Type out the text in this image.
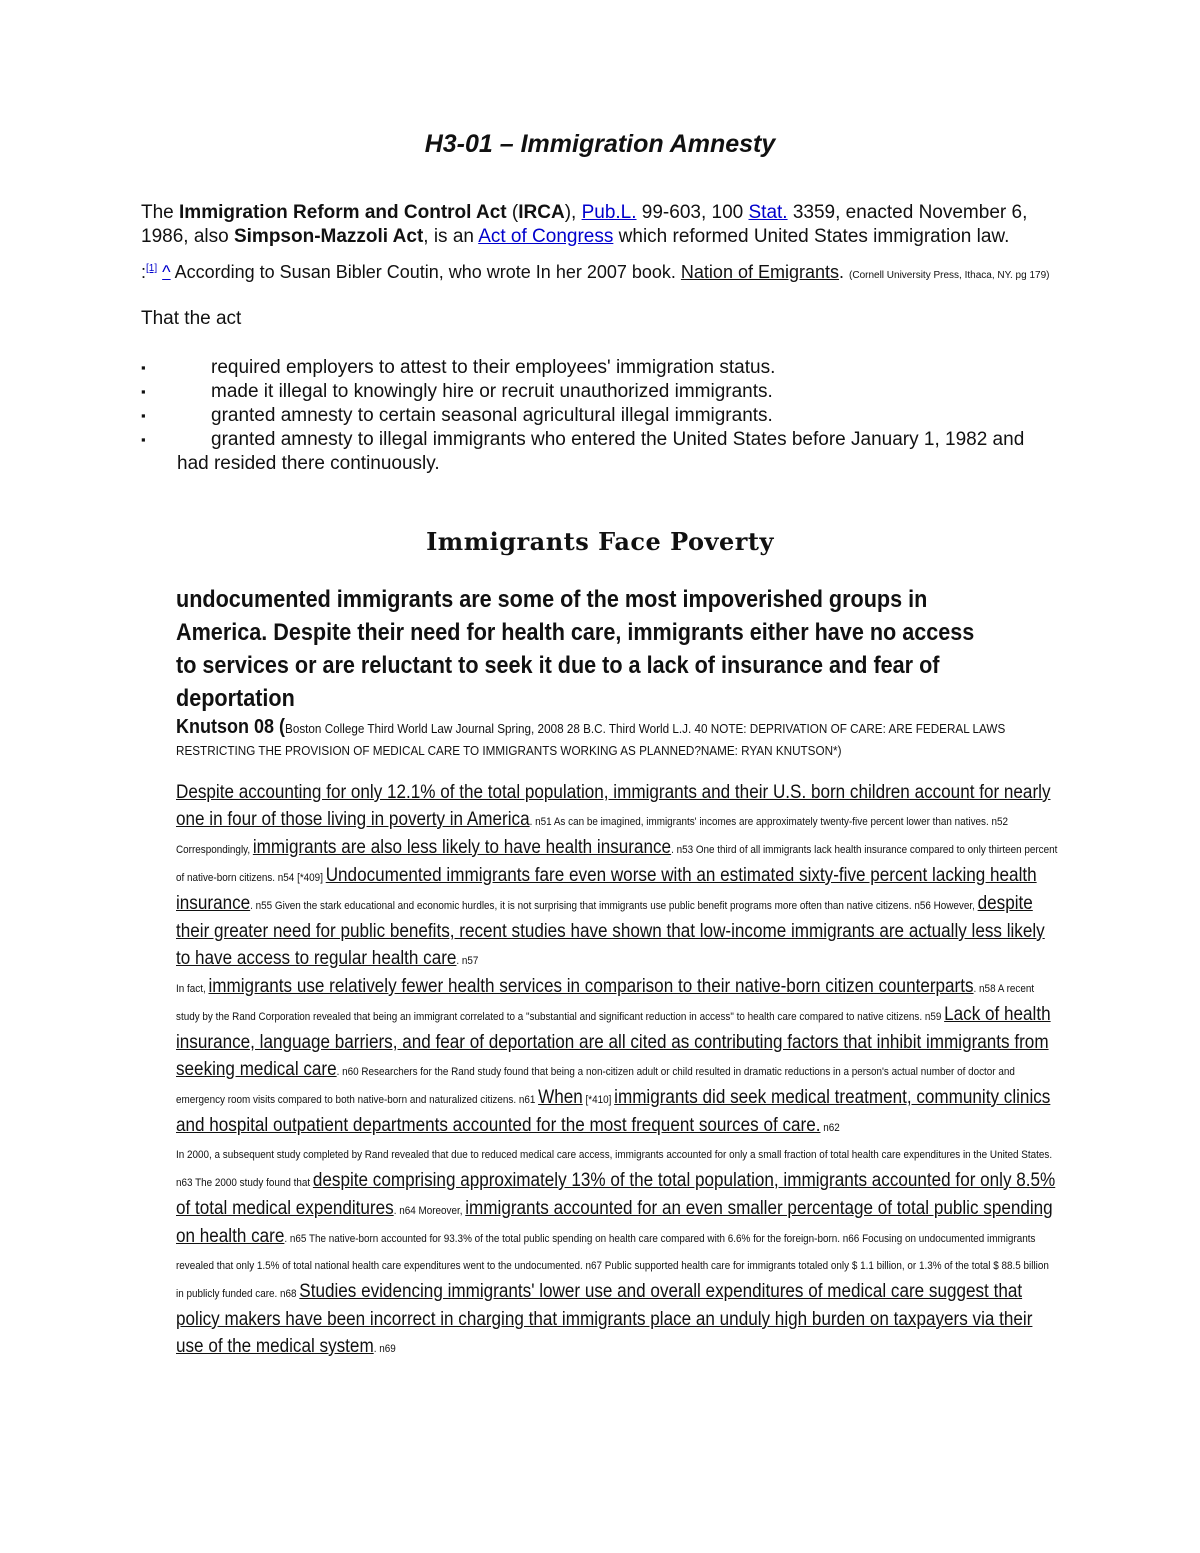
H3-01 – Immigration Amnesty
The Immigration Reform and Control Act (IRCA), Pub.L. 99-603, 100 Stat. 3359, enacted November 6, 1986, also Simpson-Mazzoli Act, is an Act of Congress which reformed United States immigration law.
:[1] ^ According to Susan Bibler Coutin, who wrote In her 2007 book. Nation of Emigrants. (Cornell University Press, Ithaca, NY. pg 179)
That the act
▪	required employers to attest to their employees' immigration status.
▪	made it illegal to knowingly hire or recruit unauthorized immigrants.
▪	granted amnesty to certain seasonal agricultural illegal immigrants.
▪	granted amnesty to illegal immigrants who entered the United States before January 1, 1982 and had resided there continuously.
Immigrants Face Poverty
undocumented immigrants are some of the most impoverished groups in America. Despite their need for health care, immigrants either have no access to services or are reluctant to seek it due to a lack of insurance and fear of deportation
Knutson 08 (Boston College Third World Law Journal Spring, 2008 28 B.C. Third World L.J. 40 NOTE: DEPRIVATION OF CARE: ARE FEDERAL LAWS RESTRICTING THE PROVISION OF MEDICAL CARE TO IMMIGRANTS WORKING AS PLANNED?NAME: RYAN KNUTSON*)
Despite accounting for only 12.1% of the total population, immigrants and their U.S. born children account for nearly one in four of those living in poverty in America. n51 As can be imagined, immigrants' incomes are approximately twenty-five percent lower than natives. n52 Correspondingly, immigrants are also less likely to have health insurance. n53 One third of all immigrants lack health insurance compared to only thirteen percent of native-born citizens. n54 [*409] Undocumented immigrants fare even worse with an estimated sixty-five percent lacking health insurance. n55 Given the stark educational and economic hurdles, it is not surprising that immigrants use public benefit programs more often than native citizens. n56 However, despite their greater need for public benefits, recent studies have shown that low-income immigrants are actually less likely to have access to regular health care. n57
In fact, immigrants use relatively fewer health services in comparison to their native-born citizen counterparts. n58 A recent study by the Rand Corporation revealed that being an immigrant correlated to a "substantial and significant reduction in access" to health care compared to native citizens. n59 Lack of health insurance, language barriers, and fear of deportation are all cited as contributing factors that inhibit immigrants from seeking medical care. n60 Researchers for the Rand study found that being a non-citizen adult or child resulted in dramatic reductions in a person's actual number of doctor and emergency room visits compared to both native-born and naturalized citizens. n61 When [*410] immigrants did seek medical treatment, community clinics and hospital outpatient departments accounted for the most frequent sources of care. n62
In 2000, a subsequent study completed by Rand revealed that due to reduced medical care access, immigrants accounted for only a small fraction of total health care expenditures in the United States. n63 The 2000 study found that despite comprising approximately 13% of the total population, immigrants accounted for only 8.5% of total medical expenditures. n64 Moreover, immigrants accounted for an even smaller percentage of total public spending on health care. n65 The native-born accounted for 93.3% of the total public spending on health care compared with 6.6% for the foreign-born. n66 Focusing on undocumented immigrants revealed that only 1.5% of total national health care expenditures went to the undocumented. n67 Public supported health care for immigrants totaled only $ 1.1 billion, or 1.3% of the total $ 88.5 billion in publicly funded care. n68 Studies evidencing immigrants' lower use and overall expenditures of medical care suggest that policy makers have been incorrect in charging that immigrants place an unduly high burden on taxpayers via their use of the medical system. n69
